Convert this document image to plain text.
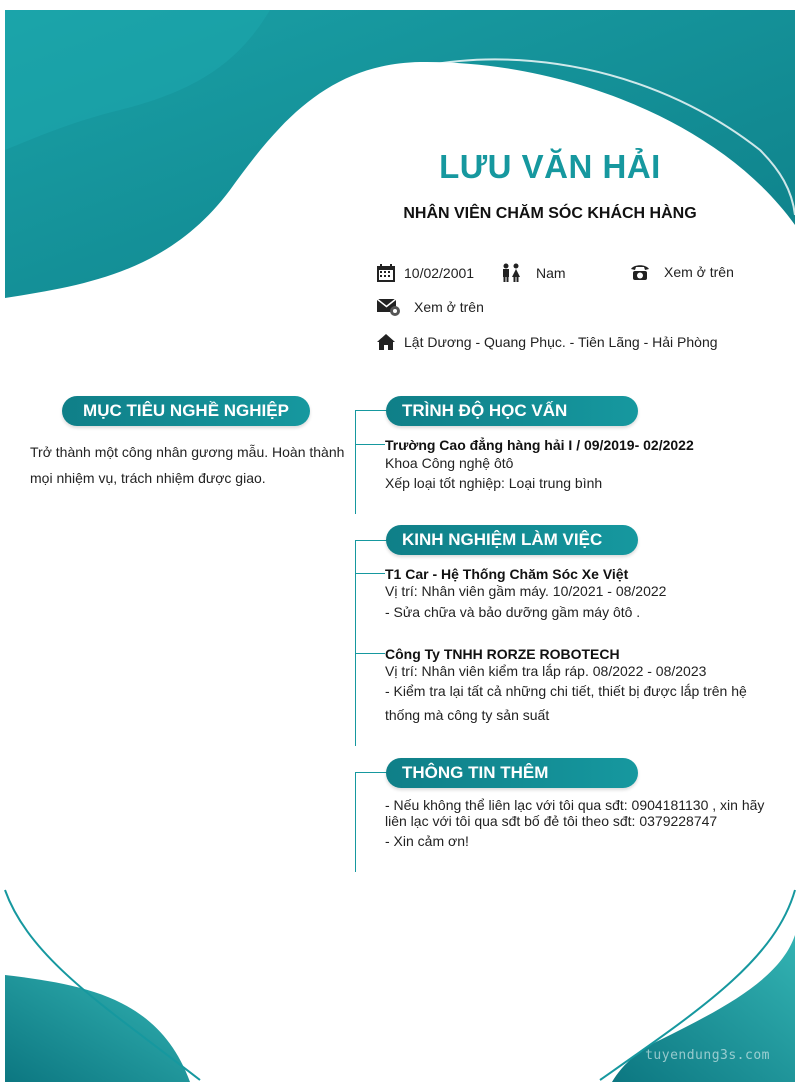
LƯU VĂN HẢI
NHÂN VIÊN CHĂM SÓC KHÁCH HÀNG
10/02/2001	Nam	Xem ở trên
Xem ở trên
Lật Dương - Quang Phục. - Tiên Lãng - Hải Phòng
MỤC TIÊU NGHỀ NGHIỆP
Trở thành một công nhân gương mẫu. Hoàn thành
mọi nhiệm vụ, trách nhiệm được giao.
TRÌNH ĐỘ HỌC VẤN
Trường Cao đẳng hàng hải I / 09/2019- 02/2022
Khoa Công nghệ ôtô
Xếp loại tốt nghiệp: Loại trung bình
KINH NGHIỆM LÀM VIỆC
T1 Car - Hệ Thống Chăm Sóc Xe Việt
Vị trí: Nhân viên gầm máy. 10/2021 - 08/2022
- Sửa chữa và bảo dưỡng gầm máy ôtô .
Công Ty TNHH RORZE ROBOTECH
Vị trí: Nhân viên kiểm tra lắp ráp. 08/2022 - 08/2023
- Kiểm tra lại tất cả những chi tiết, thiết bị được lắp trên hệ
thống mà công ty sản suất
THÔNG TIN THÊM
- Nếu không thể liên lạc với tôi qua sđt: 0904181130 , xin hãy
liên lạc với tôi qua sđt bố đẻ tôi theo sđt: 0379228747
- Xin cảm ơn!
tuyendung3s.com
